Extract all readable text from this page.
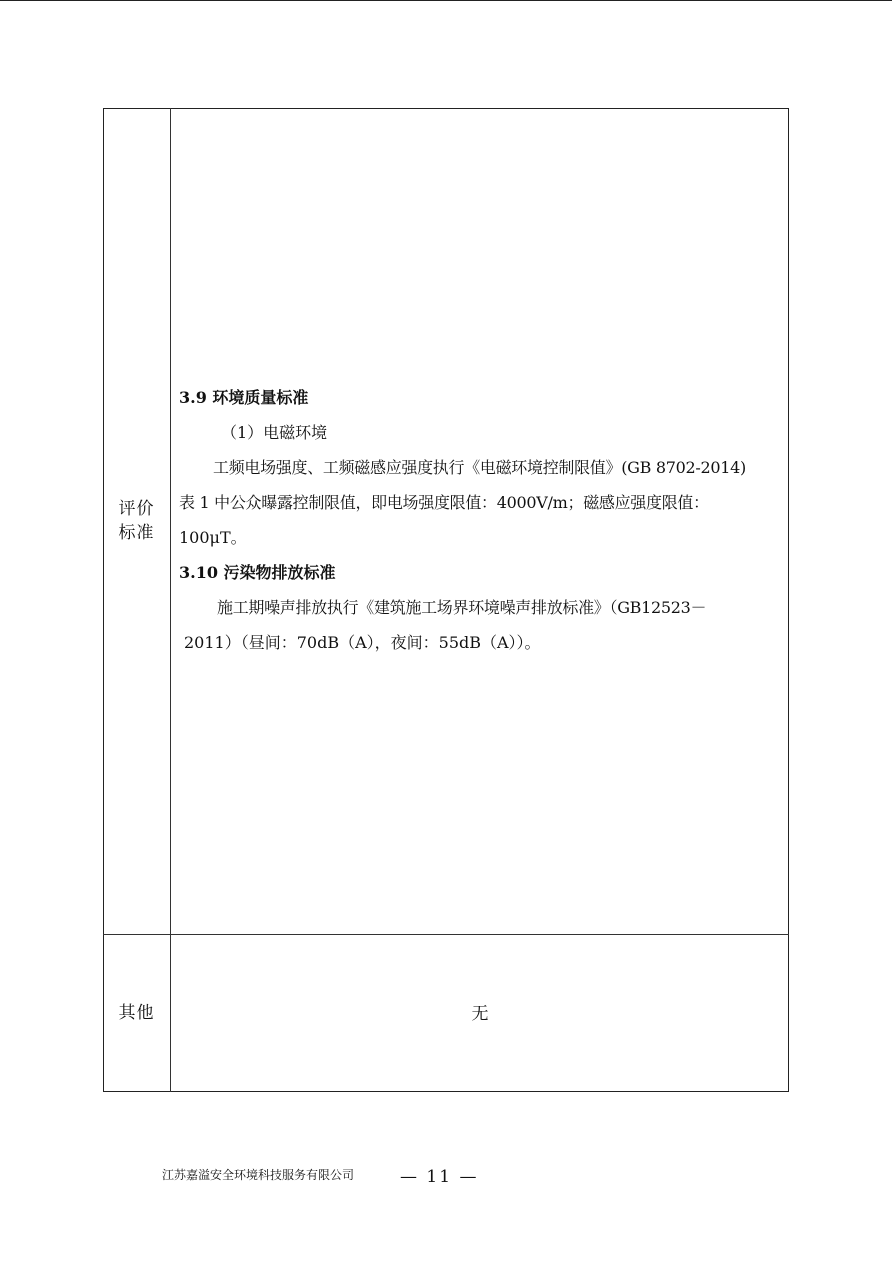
评价
标准

3.9 环境质量标准

（1）电磁环境

工频电场强度、工频磁感应强度执行《电磁环境控制限值》(GB 8702-2014)

表 1 中公众曝露控制限值，即电场强度限值：4000V/m；磁感应强度限值：

100μT。

3.10 污染物排放标准

施工期噪声排放执行《建筑施工场界环境噪声排放标准》（GB12523－

2011）（昼间：70dB（A），夜间：55dB（A））。

其他	无
江苏嘉溢安全环境科技服务有限公司	— 11 —
